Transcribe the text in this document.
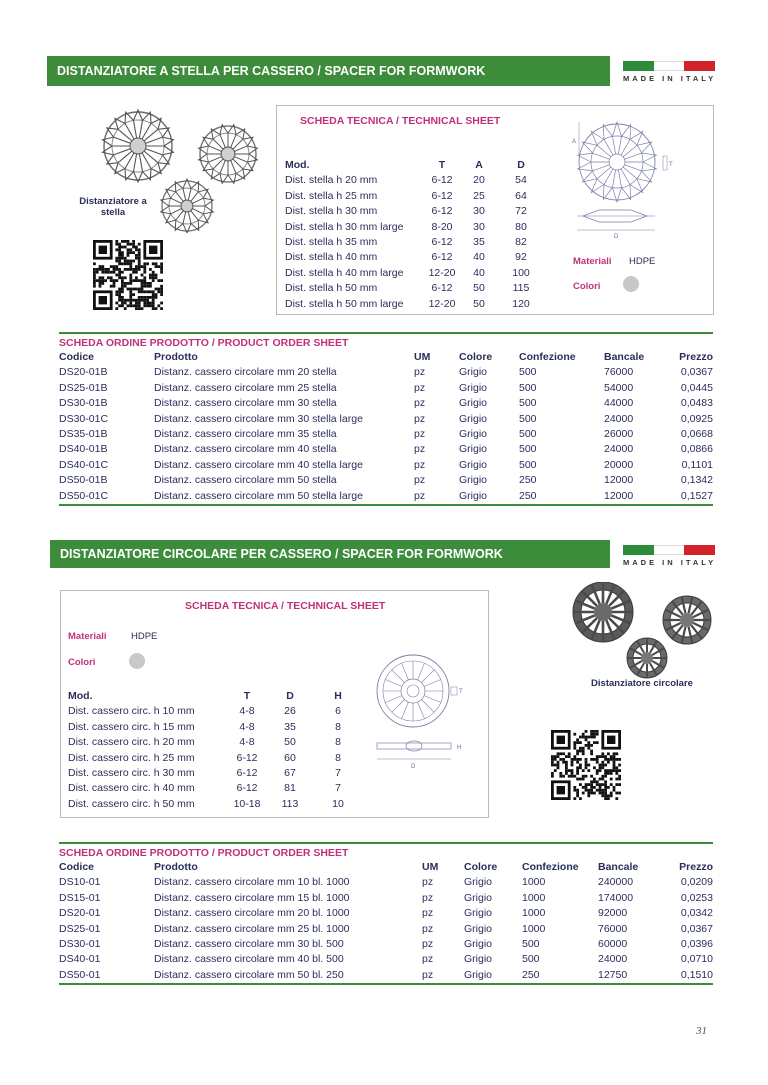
DISTANZIATORE A STELLA PER CASSERO / SPACER FOR FORMWORK
MADE IN ITALY
Distanziatore a stella
SCHEDA TECNICA / TECHNICAL SHEET
Mod.	T	A	D
Dist. stella h 20 mm	6-12	20	54
Dist. stella h 25 mm	6-12	25	64
Dist. stella h 30 mm	6-12	30	72
Dist. stella h 30 mm large	8-20	30	80
Dist. stella h 35 mm	6-12	35	82
Dist. stella h 40 mm	6-12	40	92
Dist. stella h 40 mm large	12-20	40	100
Dist. stella h 50 mm	6-12	50	115
Dist. stella h 50 mm large	12-20	50	120
A
T
D
Materiali HDPE
Colori
SCHEDA ORDINE PRODOTTO / PRODUCT ORDER SHEET
Codice	Prodotto	UM	Colore	Confezione	Bancale	Prezzo
DS20-01B	Distanz. cassero circolare mm 20 stella	pz	Grigio	500	76000	0,0367
DS25-01B	Distanz. cassero circolare mm 25 stella	pz	Grigio	500	54000	0,0445
DS30-01B	Distanz. cassero circolare mm 30 stella	pz	Grigio	500	44000	0,0483
DS30-01C	Distanz. cassero circolare mm 30 stella large	pz	Grigio	500	24000	0,0925
DS35-01B	Distanz. cassero circolare mm 35 stella	pz	Grigio	500	26000	0,0668
DS40-01B	Distanz. cassero circolare mm 40 stella	pz	Grigio	500	24000	0,0866
DS40-01C	Distanz. cassero circolare mm 40 stella large	pz	Grigio	500	20000	0,1101
DS50-01B	Distanz. cassero circolare mm 50 stella	pz	Grigio	250	12000	0,1342
DS50-01C	Distanz. cassero circolare mm 50 stella large	pz	Grigio	250	12000	0,1527
DISTANZIATORE CIRCOLARE PER CASSERO / SPACER FOR FORMWORK
MADE IN ITALY
SCHEDA TECNICA / TECHNICAL SHEET
Materiali	HDPE
Colori
Mod.	T	D	H
Dist. cassero circ. h 10 mm	4-8	26	6
Dist. cassero circ. h 15 mm	4-8	35	8
Dist. cassero circ. h 20 mm	4-8	50	8
Dist. cassero circ. h 25 mm	6-12	60	8
Dist. cassero circ. h 30 mm	6-12	67	7
Dist. cassero circ. h 40 mm	6-12	81	7
Dist. cassero circ. h 50 mm	10-18	113	10
T
H
D
Distanziatore circolare
SCHEDA ORDINE PRODOTTO / PRODUCT ORDER SHEET
Codice	Prodotto	UM	Colore	Confezione	Bancale	Prezzo
DS10-01	Distanz. cassero circolare mm 10 bl. 1000	pz	Grigio	1000	240000	0,0209
DS15-01	Distanz. cassero circolare mm 15 bl. 1000	pz	Grigio	1000	174000	0,0253
DS20-01	Distanz. cassero circolare mm 20 bl. 1000	pz	Grigio	1000	92000	0,0342
DS25-01	Distanz. cassero circolare mm 25 bl. 1000	pz	Grigio	1000	76000	0,0367
DS30-01	Distanz. cassero circolare mm 30 bl. 500	pz	Grigio	500	60000	0,0396
DS40-01	Distanz. cassero circolare mm 40 bl. 500	pz	Grigio	500	24000	0,0710
DS50-01	Distanz. cassero circolare mm 50 bl. 250	pz	Grigio	250	12750	0,1510
31
